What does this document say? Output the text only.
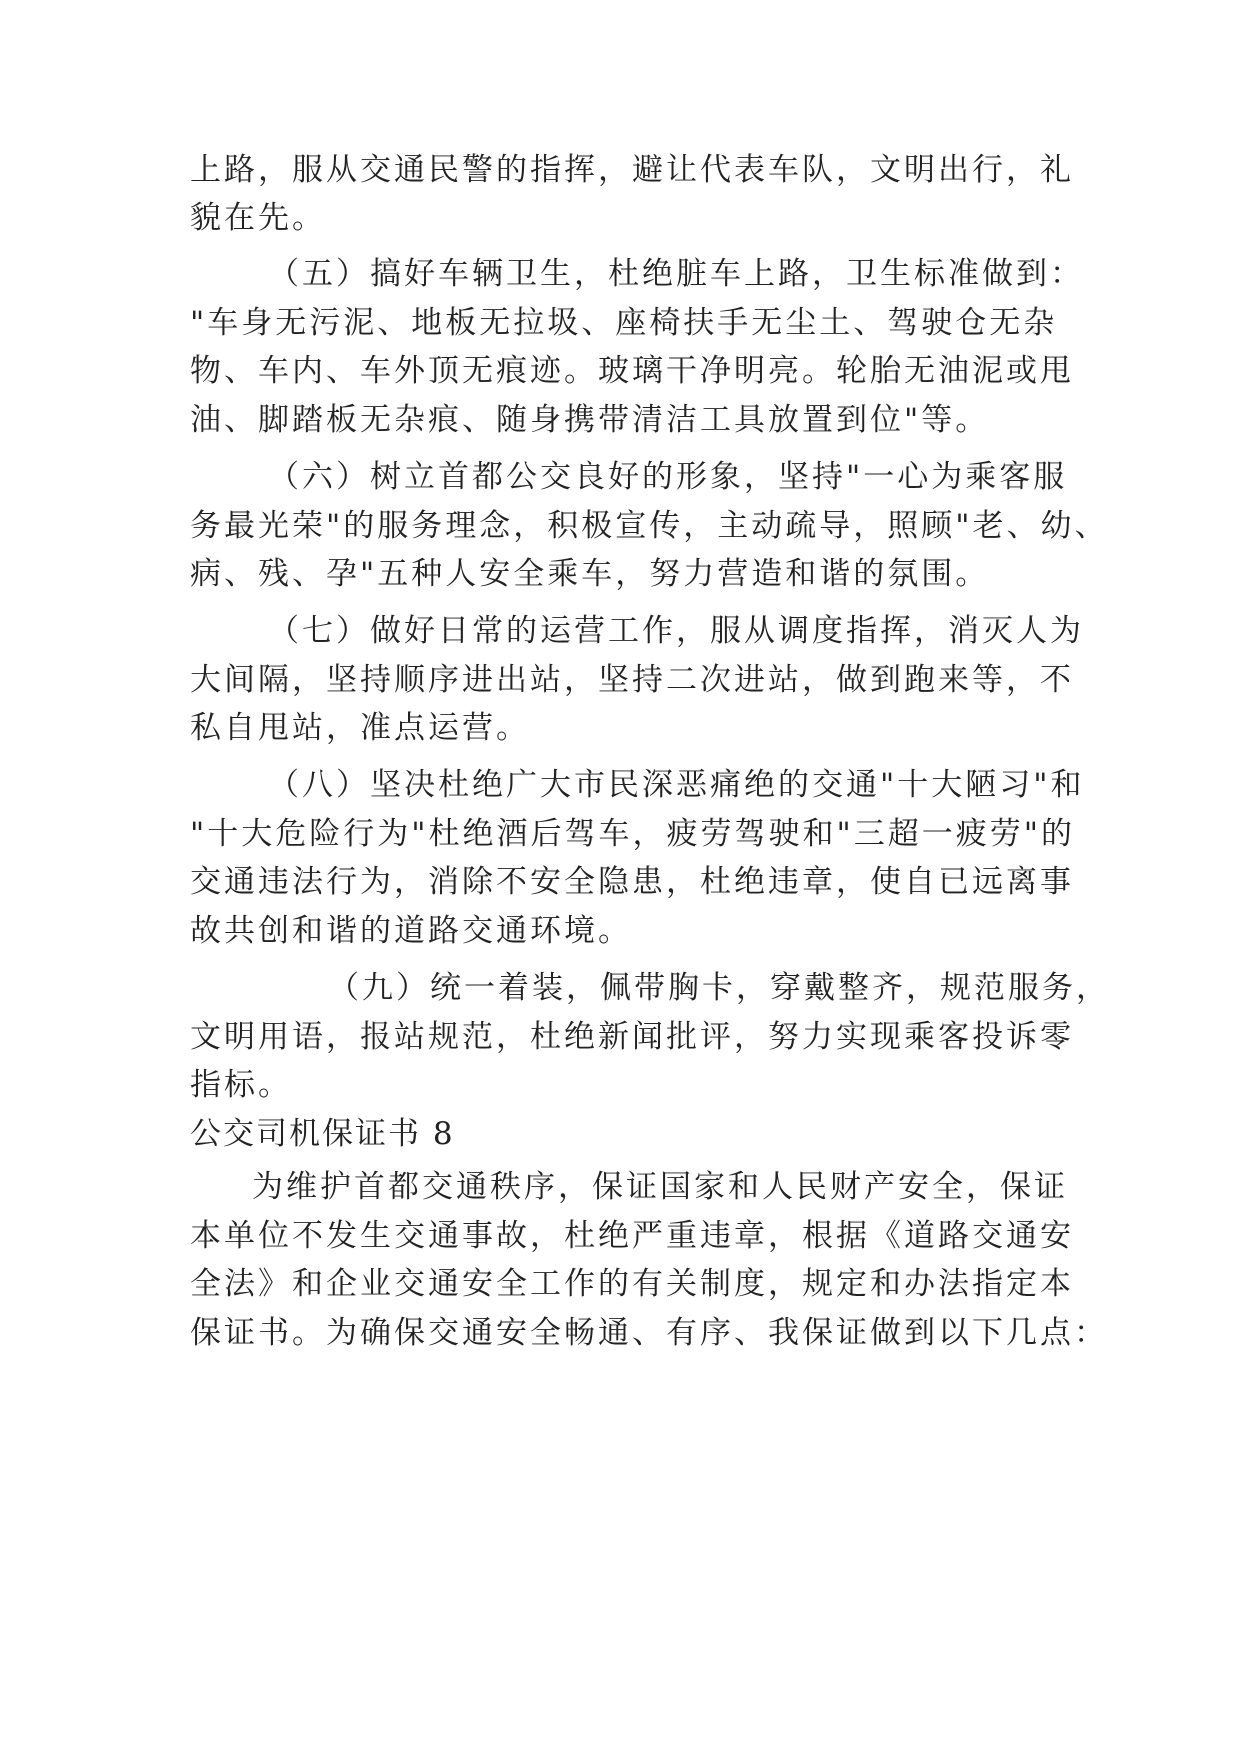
上路，服从交通民警的指挥，避让代表车队，文明出行，礼
貌在先。
（五）搞好车辆卫生，杜绝脏车上路，卫生标准做到：
"车身无污泥、地板无拉圾、座椅扶手无尘土、驾驶仓无杂
物、车内、车外顶无痕迹。玻璃干净明亮。轮胎无油泥或甩
油、脚踏板无杂痕、随身携带清洁工具放置到位"等。
（六）树立首都公交良好的形象，坚持"一心为乘客服
务最光荣"的服务理念，积极宣传，主动疏导，照顾"老、幼、
病、残、孕"五种人安全乘车，努力营造和谐的氛围。
（七）做好日常的运营工作，服从调度指挥，消灭人为
大间隔，坚持顺序进出站，坚持二次进站，做到跑来等，不
私自甩站，准点运营。
（八）坚决杜绝广大市民深恶痛绝的交通"十大陋习"和
"十大危险行为"杜绝酒后驾车，疲劳驾驶和"三超一疲劳"的
交通违法行为，消除不安全隐患，杜绝违章，使自已远离事
故共创和谐的道路交通环境。
（九）统一着装，佩带胸卡，穿戴整齐，规范服务，
文明用语，报站规范，杜绝新闻批评，努力实现乘客投诉零
指标。
公交司机保证书 8
为维护首都交通秩序，保证国家和人民财产安全，保证
本单位不发生交通事故，杜绝严重违章，根据《道路交通安
全法》和企业交通安全工作的有关制度，规定和办法指定本
保证书。为确保交通安全畅通、有序、我保证做到以下几点：
